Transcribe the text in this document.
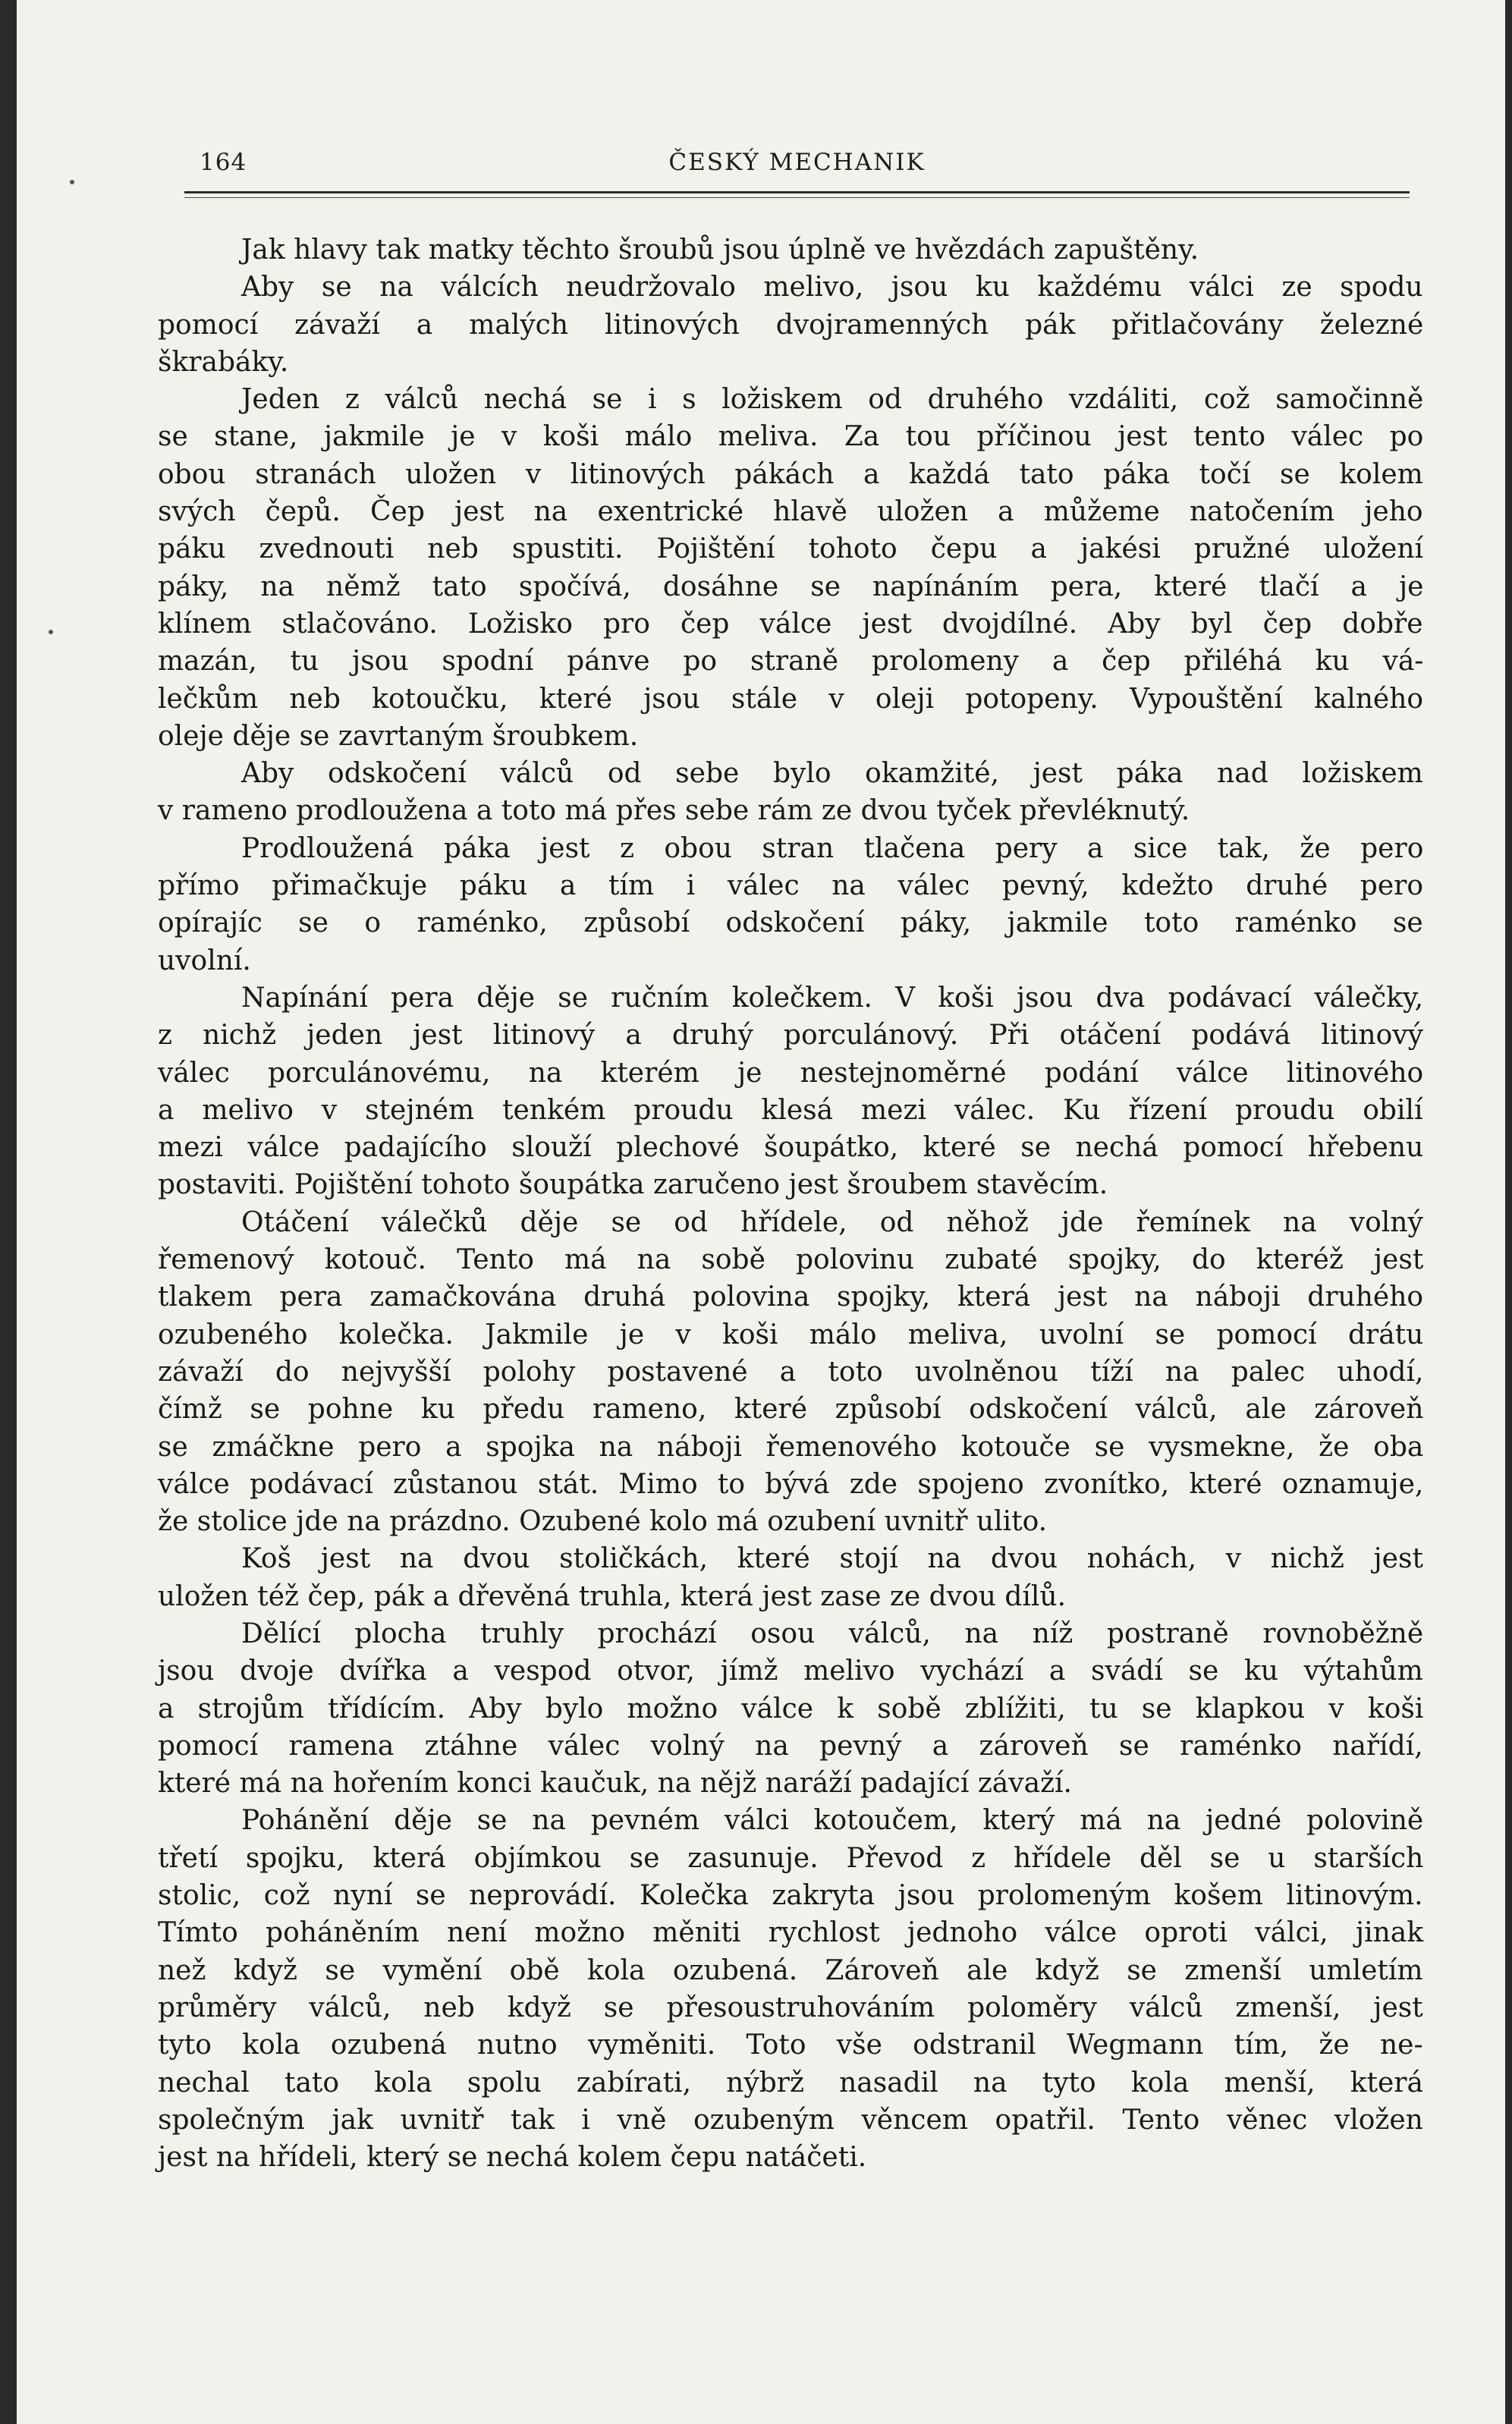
164	ČESKÝ MECHANIK
Jak hlavy tak matky těchto šroubů jsou úplně ve hvězdách zapuštěny.
Aby se na válcích neudržovalo melivo, jsou ku každému válci ze spodu
pomocí závaží a malých litinových dvojramenných pák přitlačovány železné
škrabáky.
Jeden z válců nechá se i s ložiskem od druhého vzdáliti, což samočinně
se stane, jakmile je v koši málo meliva. Za tou příčinou jest tento válec po
obou stranách uložen v litinových pákách a každá tato páka točí se kolem
svých čepů. Čep jest na exentrické hlavě uložen a můžeme natočením jeho
páku zvednouti neb spustiti. Pojištění tohoto čepu a jakési pružné uložení
páky, na němž tato spočívá, dosáhne se napínáním pera, které tlačí a je
klínem stlačováno. Ložisko pro čep válce jest dvojdílné. Aby byl čep dobře
mazán, tu jsou spodní pánve po straně prolomeny a čep přiléhá ku vá-
lečkům neb kotoučku, které jsou stále v oleji potopeny. Vypouštění kalného
oleje děje se zavrtaným šroubkem.
Aby odskočení válců od sebe bylo okamžité, jest páka nad ložiskem
v rameno prodloužena a toto má přes sebe rám ze dvou tyček převléknutý.
Prodloužená páka jest z obou stran tlačena pery a sice tak, že pero
přímo přimačkuje páku a tím i válec na válec pevný, kdežto druhé pero
opírajíc se o raménko, způsobí odskočení páky, jakmile toto raménko se
uvolní.
Napínání pera děje se ručním kolečkem. V koši jsou dva podávací válečky,
z nichž jeden jest litinový a druhý porculánový. Při otáčení podává litinový
válec porculánovému, na kterém je nestejnoměrné podání válce litinového
a melivo v stejném tenkém proudu klesá mezi válec. Ku řízení proudu obilí
mezi válce padajícího slouží plechové šoupátko, které se nechá pomocí hřebenu
postaviti. Pojištění tohoto šoupátka zaručeno jest šroubem stavěcím.
Otáčení válečků děje se od hřídele, od něhož jde řemínek na volný
řemenový kotouč. Tento má na sobě polovinu zubaté spojky, do kteréž jest
tlakem pera zamačkována druhá polovina spojky, která jest na náboji druhého
ozubeného kolečka. Jakmile je v koši málo meliva, uvolní se pomocí drátu
závaží do nejvyšší polohy postavené a toto uvolněnou tíží na palec uhodí,
čímž se pohne ku předu rameno, které způsobí odskočení válců, ale zároveň
se zmáčkne pero a spojka na náboji řemenového kotouče se vysmekne, že oba
válce podávací zůstanou stát. Mimo to bývá zde spojeno zvonítko, které oznamuje,
že stolice jde na prázdno. Ozubené kolo má ozubení uvnitř ulito.
Koš jest na dvou stoličkách, které stojí na dvou nohách, v nichž jest
uložen též čep, pák a dřevěná truhla, která jest zase ze dvou dílů.
Dělící plocha truhly prochází osou válců, na níž postraně rovnoběžně
jsou dvoje dvířka a vespod otvor, jímž melivo vychází a svádí se ku výtahům
a strojům třídícím. Aby bylo možno válce k sobě zblížiti, tu se klapkou v koši
pomocí ramena ztáhne válec volný na pevný a zároveň se raménko nařídí,
které má na hořením konci kaučuk, na nějž naráží padající závaží.
Pohánění děje se na pevném válci kotoučem, který má na jedné polovině
třetí spojku, která objímkou se zasunuje. Převod z hřídele děl se u starších
stolic, což nyní se neprovádí. Kolečka zakryta jsou prolomeným košem litinovým.
Tímto poháněním není možno měniti rychlost jednoho válce oproti válci, jinak
než když se vymění obě kola ozubená. Zároveň ale když se zmenší umletím
průměry válců, neb když se přesoustruhováním poloměry válců zmenší, jest
tyto kola ozubená nutno vyměniti. Toto vše odstranil Wegmann tím, že ne-
nechal tato kola spolu zabírati, nýbrž nasadil na tyto kola menší, která
společným jak uvnitř tak i vně ozubeným věncem opatřil. Tento věnec vložen
jest na hřídeli, který se nechá kolem čepu natáčeti.
